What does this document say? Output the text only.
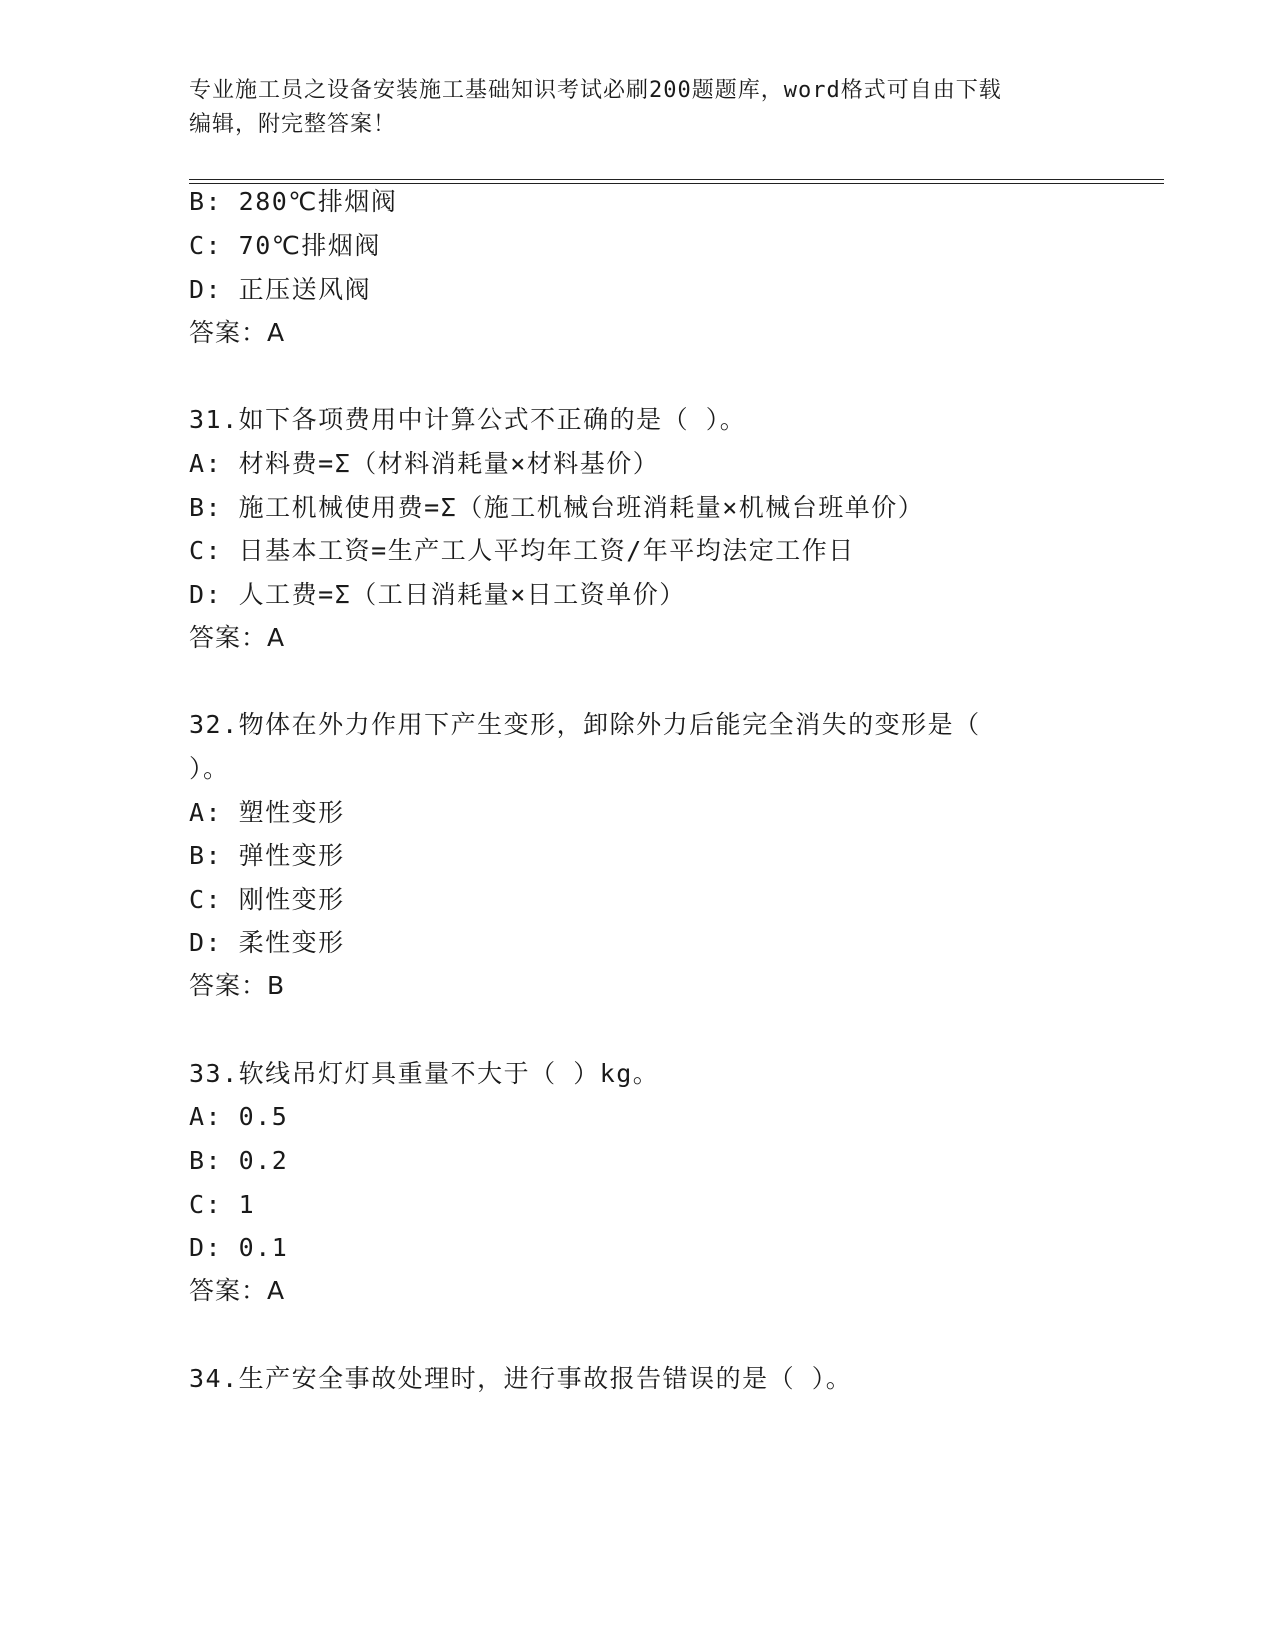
专业施工员之设备安装施工基础知识考试必刷200题题库，word格式可自由下载
编辑，附完整答案！
B: 280℃排烟阀
C: 70℃排烟阀
D: 正压送风阀
答案：A
31.如下各项费用中计算公式不正确的是（ ）。
A: 材料费=Σ（材料消耗量×材料基价）
B: 施工机械使用费=Σ（施工机械台班消耗量×机械台班单价）
C: 日基本工资=生产工人平均年工资/年平均法定工作日
D: 人工费=Σ（工日消耗量×日工资单价）
答案：A
32.物体在外力作用下产生变形，卸除外力后能完全消失的变形是（
）。
A: 塑性变形
B: 弹性变形
C: 刚性变形
D: 柔性变形
答案：B
33.软线吊灯灯具重量不大于（ ）kg。
A: 0.5
B: 0.2
C: 1
D: 0.1
答案：A
34.生产安全事故处理时，进行事故报告错误的是（ ）。
